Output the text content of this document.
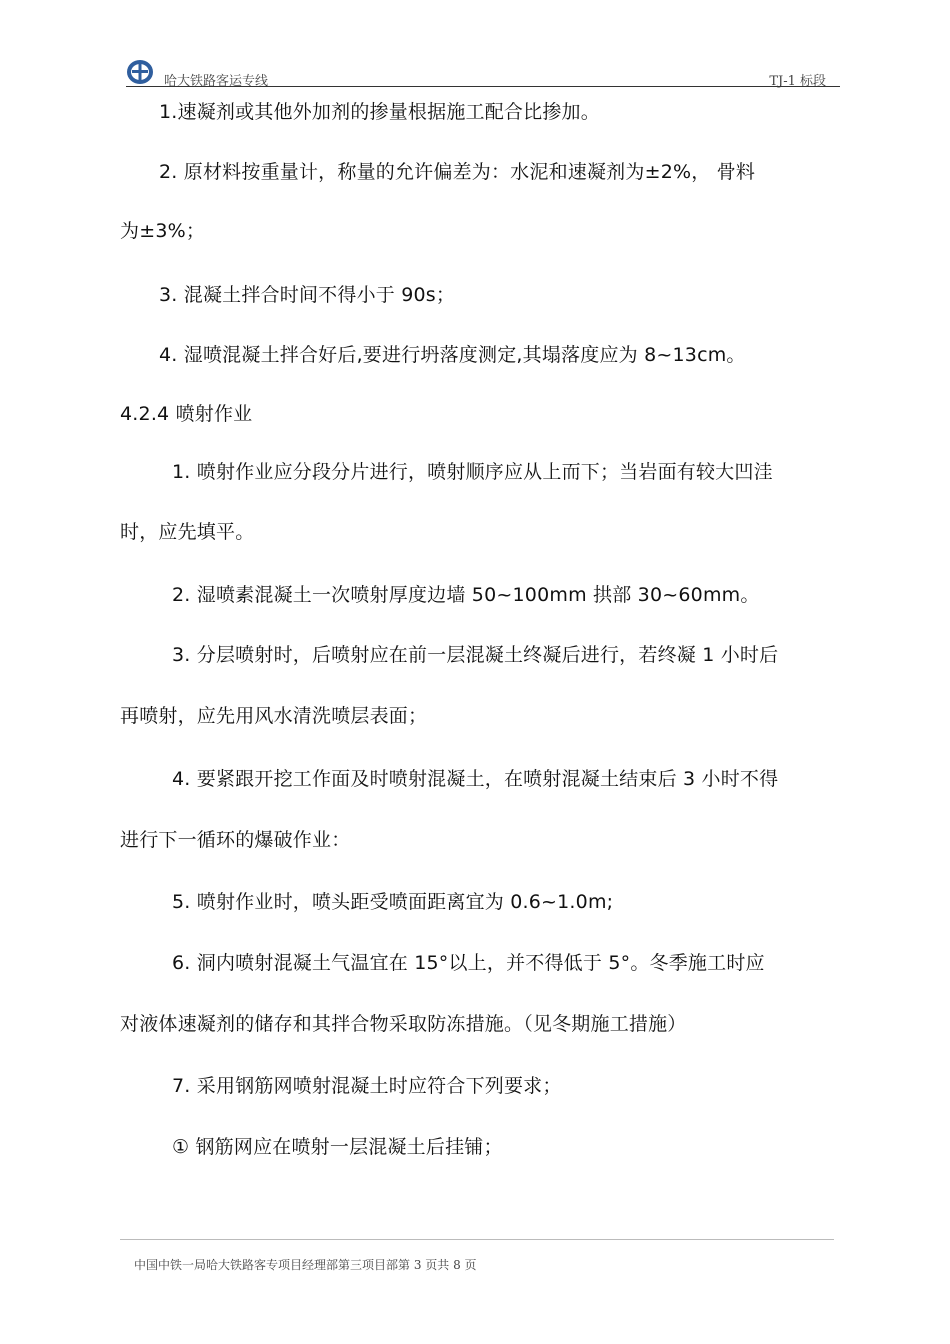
哈大铁路客运专线	TJ-1 标段
1.速凝剂或其他外加剂的掺量根据施工配合比掺加。
2. 原材料按重量计，称量的允许偏差为：水泥和速凝剂为±2%， 骨料
为±3%；
3. 混凝土拌合时间不得小于 90s；
4. 湿喷混凝土拌合好后,要进行坍落度测定,其塌落度应为 8~13cm。
4.2.4 喷射作业
1. 喷射作业应分段分片进行，喷射顺序应从上而下；当岩面有较大凹洼
时，应先填平。
2. 湿喷素混凝土一次喷射厚度边墙 50~100mm 拱部 30~60mm。
3. 分层喷射时，后喷射应在前一层混凝土终凝后进行，若终凝 1 小时后
再喷射，应先用风水清洗喷层表面；
4. 要紧跟开挖工作面及时喷射混凝土，在喷射混凝土结束后 3 小时不得
进行下一循环的爆破作业：
5. 喷射作业时，喷头距受喷面距离宜为 0.6~1.0m;
6. 洞内喷射混凝土气温宜在 15°以上，并不得低于 5°。冬季施工时应
对液体速凝剂的储存和其拌合物采取防冻措施。（见冬期施工措施）
7. 采用钢筋网喷射混凝土时应符合下列要求；
① 钢筋网应在喷射一层混凝土后挂铺；
中国中铁一局哈大铁路客专项目经理部第三项目部第 3 页共 8 页
